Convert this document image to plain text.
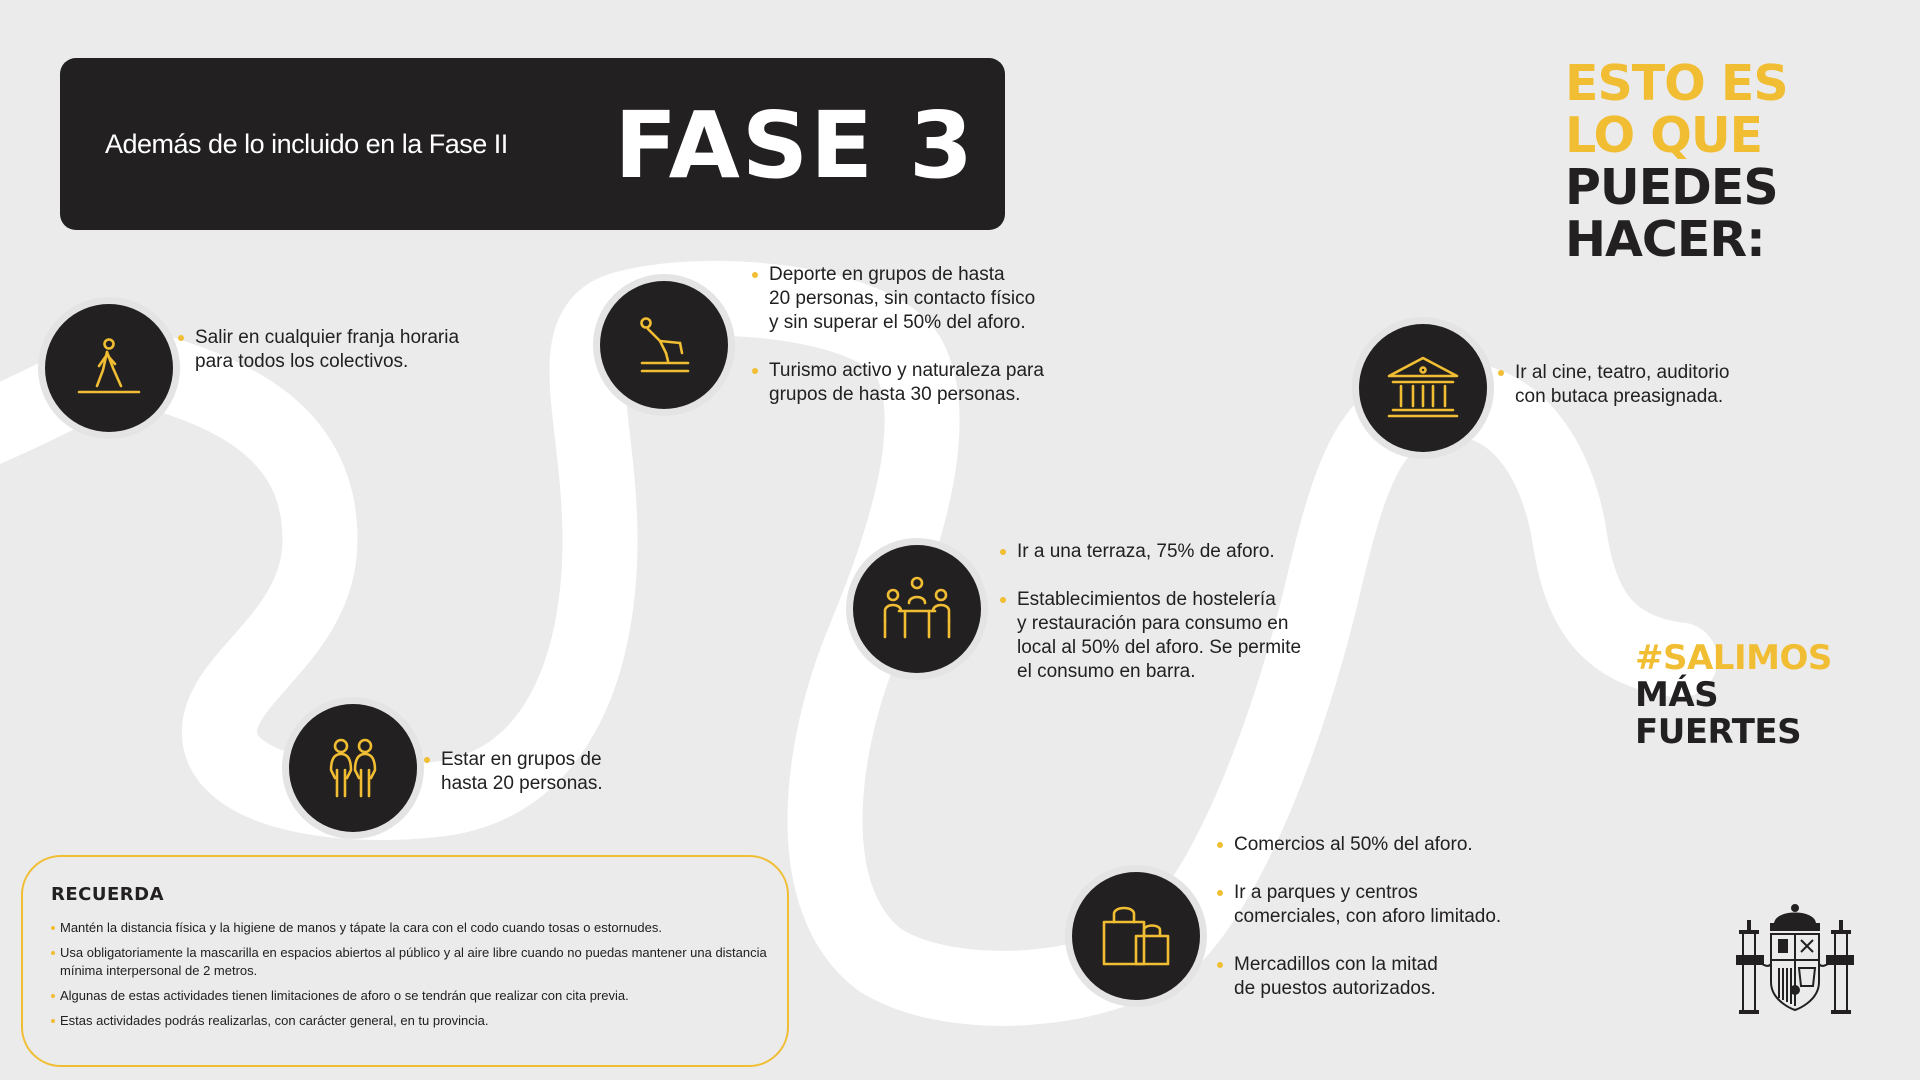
Además de lo incluido en la Fase II FASE 3
ESTO ES
LO QUE
PUEDES
HACER:
#SALIMOS
MÁS
FUERTES
Salir en cualquier franja horaria
para todos los colectivos.
Estar en grupos de
hasta 20 personas.
Deporte en grupos de hasta
20 personas, sin contacto físico
y sin superar el 50% del aforo.
Turismo activo y naturaleza para
grupos de hasta 30 personas.
Ir a una terraza, 75% de aforo.
Establecimientos de hostelería
y restauración para consumo en
local al 50% del aforo. Se permite
el consumo en barra.
Comercios al 50% del aforo.
Ir a parques y centros
comerciales, con aforo limitado.
Mercadillos con la mitad
de puestos autorizados.
Ir al cine, teatro, auditorio
con butaca preasignada.
RECUERDA
Mantén la distancia física y la higiene de manos y tápate la cara con el codo cuando tosas o estornudes.
Usa obligatoriamente la mascarilla en espacios abiertos al público y al aire libre cuando no puedas mantener una distancia
mínima interpersonal de 2 metros.
Algunas de estas actividades tienen limitaciones de aforo o se tendrán que realizar con cita previa.
Estas actividades podrás realizarlas, con carácter general, en tu provincia.
